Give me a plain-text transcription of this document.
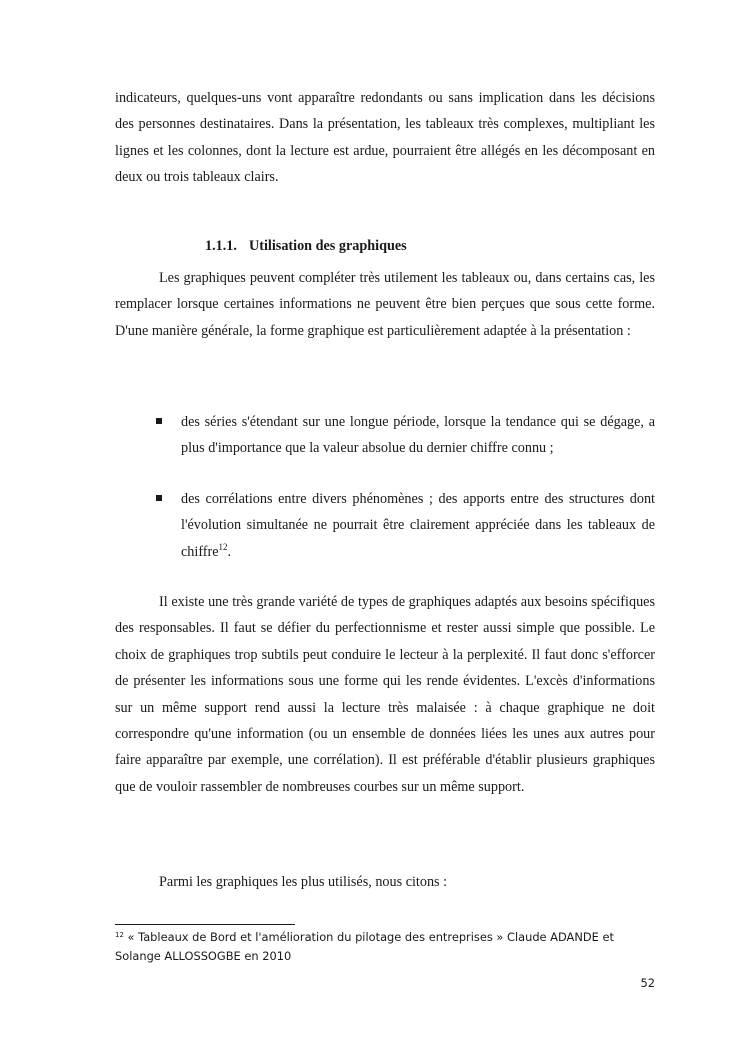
indicateurs, quelques-uns vont apparaître redondants ou sans implication dans les décisions des personnes destinataires. Dans la présentation, les tableaux très complexes, multipliant les lignes et les colonnes, dont la lecture est ardue, pourraient être allégés en les décomposant en deux ou trois tableaux clairs.

1.1.1. Utilisation des graphiques

Les graphiques peuvent compléter très utilement les tableaux ou, dans certains cas, les remplacer lorsque certaines informations ne peuvent être bien perçues que sous cette forme. D'une manière générale, la forme graphique est particulièrement adaptée à la présentation :

des séries s'étendant sur une longue période, lorsque la tendance qui se dégage, a plus d'importance que la valeur absolue du dernier chiffre connu ;
des corrélations entre divers phénomènes ; des apports entre des structures dont l'évolution simultanée ne pourrait être clairement appréciée dans les tableaux de chiffre$^{12}$.

Il existe une très grande variété de types de graphiques adaptés aux besoins spécifiques des responsables. Il faut se défier du perfectionnisme et rester aussi simple que possible. Le choix de graphiques trop subtils peut conduire le lecteur à la perplexité. Il faut donc s'efforcer de présenter les informations sous une forme qui les rende évidentes. L'excès d'informations sur un même support rend aussi la lecture très malaisée : à chaque graphique ne doit correspondre qu'une information (ou un ensemble de données liées les unes aux autres pour faire apparaître par exemple, une corrélation). Il est préférable d'établir plusieurs graphiques que de vouloir rassembler de nombreuses courbes sur un même support.

Parmi les graphiques les plus utilisés, nous citons :

$^{12}$ « Tableaux de Bord et l'amélioration du pilotage des entreprises » Claude ADANDE et Solange ALLOSSOGBE en 2010

52
